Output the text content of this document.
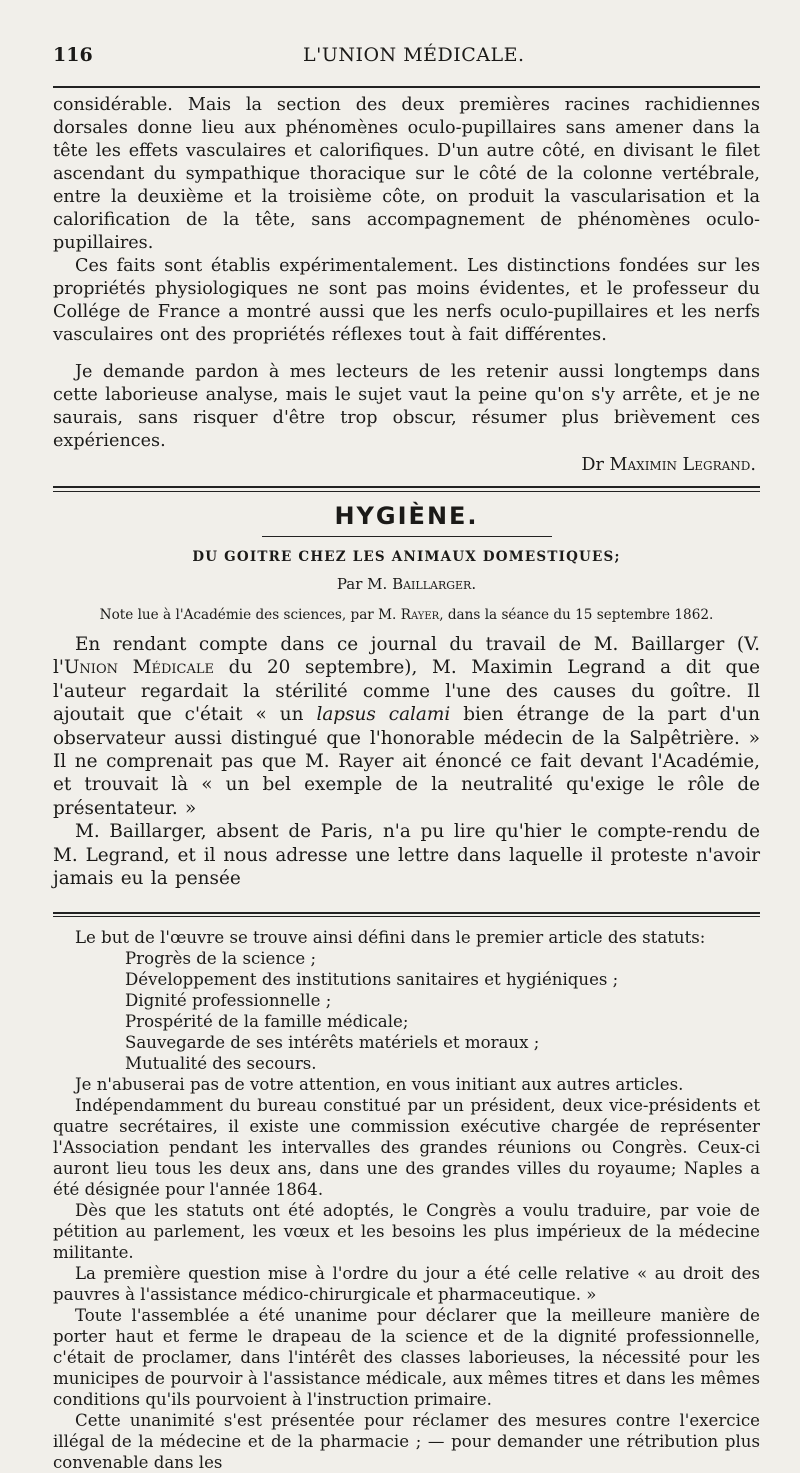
116	L'UNION MÉDICALE.

considérable. Mais la section des deux premières racines rachidiennes dorsales donne lieu aux phénomènes oculo-pupillaires sans amener dans la tête les effets vasculaires et calorifiques. D'un autre côté, en divisant le filet ascendant du sympathique thoracique sur le côté de la colonne vertébrale, entre la deuxième et la troisième côte, on produit la vascularisation et la calorification de la tête, sans accompagnement de phénomènes oculo-pupillaires.

Ces faits sont établis expérimentalement. Les distinctions fondées sur les propriétés physiologiques ne sont pas moins évidentes, et le professeur du Collége de France a montré aussi que les nerfs oculo-pupillaires et les nerfs vasculaires ont des propriétés réflexes tout à fait différentes.

Je demande pardon à mes lecteurs de les retenir aussi longtemps dans cette laborieuse analyse, mais le sujet vaut la peine qu'on s'y arrête, et je ne saurais, sans risquer d'être trop obscur, résumer plus brièvement ces expériences.

Dr Maximin Legrand.
HYGIÈNE.
DU GOITRE CHEZ LES ANIMAUX DOMESTIQUES;
Par M. Baillarger.
Note lue à l'Académie des sciences, par M. Rayer, dans la séance du 15 septembre 1862.

En rendant compte dans ce journal du travail de M. Baillarger (V. l'Union Médicale du 20 septembre), M. Maximin Legrand a dit que l'auteur regardait la stérilité comme l'une des causes du goître. Il ajoutait que c'était « un lapsus calami bien étrange de la part d'un observateur aussi distingué que l'honorable médecin de la Salpêtrière. » Il ne comprenait pas que M. Rayer ait énoncé ce fait devant l'Académie, et trouvait là « un bel exemple de la neutralité qu'exige le rôle de présentateur. »

M. Baillarger, absent de Paris, n'a pu lire qu'hier le compte-rendu de M. Legrand, et il nous adresse une lettre dans laquelle il proteste n'avoir jamais eu la pensée

Le but de l'œuvre se trouve ainsi défini dans le premier article des statuts:

Progrès de la science ;
Développement des institutions sanitaires et hygiéniques ;
Dignité professionnelle ;
Prospérité de la famille médicale;
Sauvegarde de ses intérêts matériels et moraux ;
Mutualité des secours.

Je n'abuserai pas de votre attention, en vous initiant aux autres articles.

Indépendamment du bureau constitué par un président, deux vice-présidents et quatre secrétaires, il existe une commission exécutive chargée de représenter l'Association pendant les intervalles des grandes réunions ou Congrès. Ceux-ci auront lieu tous les deux ans, dans une des grandes villes du royaume; Naples a été désignée pour l'année 1864.

Dès que les statuts ont été adoptés, le Congrès a voulu traduire, par voie de pétition au parlement, les vœux et les besoins les plus impérieux de la médecine militante.

La première question mise à l'ordre du jour a été celle relative « au droit des pauvres à l'assistance médico-chirurgicale et pharmaceutique. »

Toute l'assemblée a été unanime pour déclarer que la meilleure manière de porter haut et ferme le drapeau de la science et de la dignité professionnelle, c'était de proclamer, dans l'intérêt des classes laborieuses, la nécessité pour les municipes de pourvoir à l'assistance médicale, aux mêmes titres et dans les mêmes conditions qu'ils pourvoient à l'instruction primaire.

Cette unanimité s'est présentée pour réclamer des mesures contre l'exercice illégal de la médecine et de la pharmacie ; — pour demander une rétribution plus convenable dans les
